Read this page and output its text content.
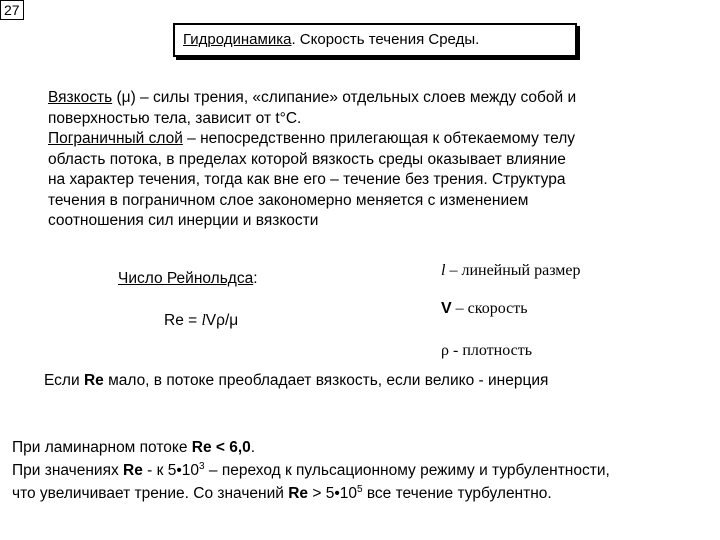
27
Гидродинамика. Скорость течения Среды.
Вязкость (μ) – силы трения, «слипание» отдельных слоев между собой и
поверхностью тела, зависит от t°C.
Пограничный слой – непосредственно прилегающая к обтекаемому телу
область потока, в пределах которой вязкость среды оказывает влияние
на характер течения, тогда как вне его – течение без трения. Структура
течения в пограничном слое закономерно меняется с изменением
соотношения сил инерции и вязкости
Число Рейнольдса:
Re = lVρ/μ
l – линейный размер
V – скорость
ρ - плотность
Если Re мало, в потоке преобладает вязкость, если велико - инерция
При ламинарном потоке Re < 6,0.
При значениях Re - к $5•10^3$ – переход к пульсационному режиму и турбулентности,
что увеличивает трение. Со значений $Re > 5•10^5$ все течение турбулентно.
